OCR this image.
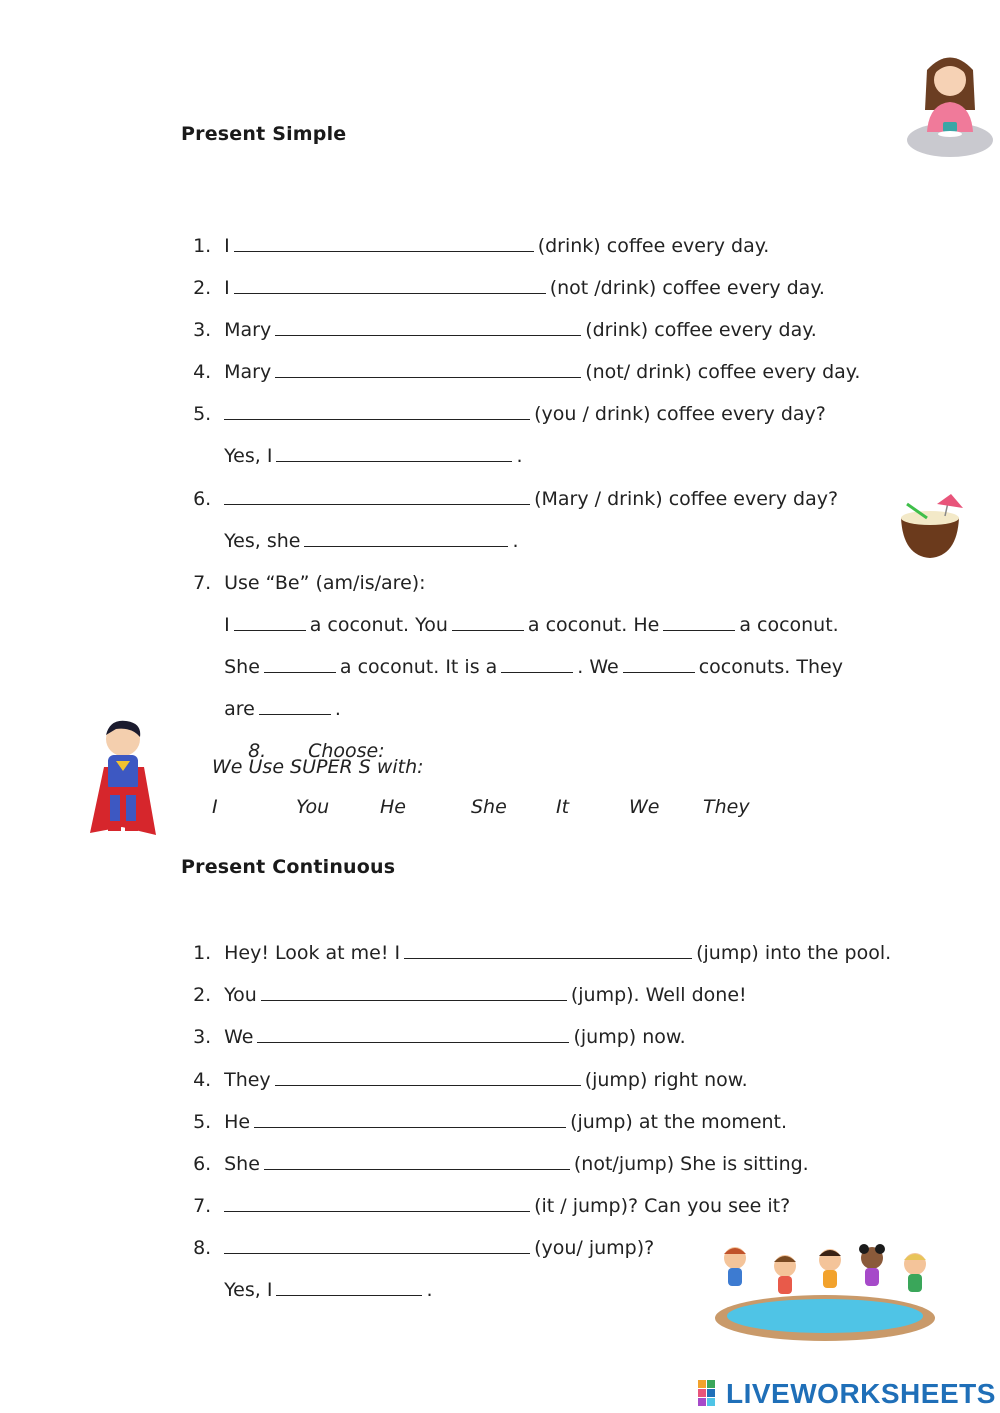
Present Simple

1. I	(drink) coffee every day.

2. I	(not /drink) coffee every day.

3. Mary	(drink) coffee every day.

4. Mary	(not/ drink) coffee every day.

5.	(you / drink) coffee every day?

Yes, I	.

6.	(Mary / drink) coffee every day?

Yes, she	.

7. Use “Be” (am/is/are):

I	a coconut. You	a coconut. He	a coconut.

She	a coconut. It is a	. We	coconuts. They

are	.

8. Choose:

We Use SUPER S with:
I	You	He	She	It	We They
Present Continuous

1. Hey! Look at me! I	(jump) into the pool.

2. You	(jump). Well done!

3. We	(jump) now.

4. They	(jump) right now.

5. He	(jump) at the moment.

6. She	(not/jump) She is sitting.

7.	(it / jump)? Can you see it?

8.	(you/ jump)?

Yes, I	.

LIVEWORKSHEETS
